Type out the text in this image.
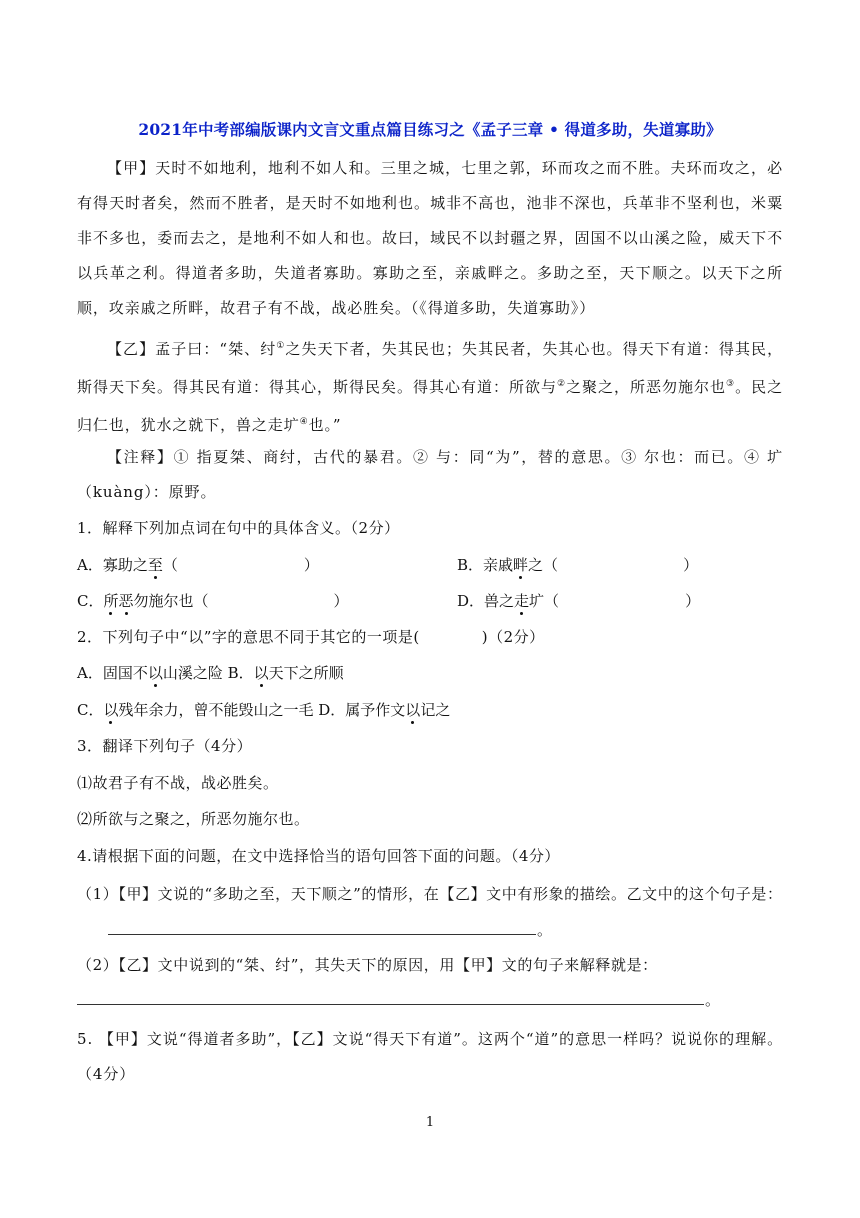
2021年中考部编版课内文言文重点篇目练习之《孟子三章 • 得道多助，失道寡助》
【甲】天时不如地利，地利不如人和。三里之城，七里之郭，环而攻之而不胜。夫环而攻之，必有得天时者矣，然而不胜者，是天时不如地利也。城非不高也，池非不深也，兵革非不坚利也，米粟非不多也，委而去之，是地利不如人和也。故曰，域民不以封疆之界，固国不以山溪之险，威天下不以兵革之利。得道者多助，失道者寡助。寡助之至，亲戚畔之。多助之至，天下顺之。以天下之所顺，攻亲戚之所畔，故君子有不战，战必胜矣。（《得道多助，失道寡助》）
【乙】孟子曰：“桀、纣①之失天下者，失其民也；失其民者，失其心也。得天下有道：得其民，斯得天下矣。得其民有道：得其心，斯得民矣。得其心有道：所欲与②之聚之，所恶勿施尔也③。民之归仁也，犹水之就下，兽之走圹④也。”
【注释】① 指夏桀、商纣，古代的暴君。② 与：同“为”，替的意思。③ 尔也：而已。④ 圹（kuàng）：原野。
1．解释下列加点词在句中的具体含义。（2分）
A．寡助之至（	）	B．亲戚畔之（	）
C．所恶勿施尔也（	）	D．兽之走圹（	）
2．下列句子中“以”字的意思不同于其它的一项是(　　　　)（2分）
A．固国不以山溪之险 B．以天下之所顺
C．以残年余力，曾不能毁山之一毛 D．属予作文以记之
3．翻译下列句子（4分）
⑴故君子有不战，战必胜矣。
⑵所欲与之聚之，所恶勿施尔也。
4.请根据下面的问题，在文中选择恰当的语句回答下面的问题。（4分）
（1）【甲】文说的“多助之至，天下顺之”的情形，在【乙】文中有形象的描绘。乙文中的这个句子是：
。
（2）【乙】文中说到的“桀、纣”，其失天下的原因，用【甲】文的句子来解释就是：
。
5. 【甲】文说“得道者多助”，【乙】文说“得天下有道”。这两个“道”的意思一样吗？说说你的理解。（4分）
1
